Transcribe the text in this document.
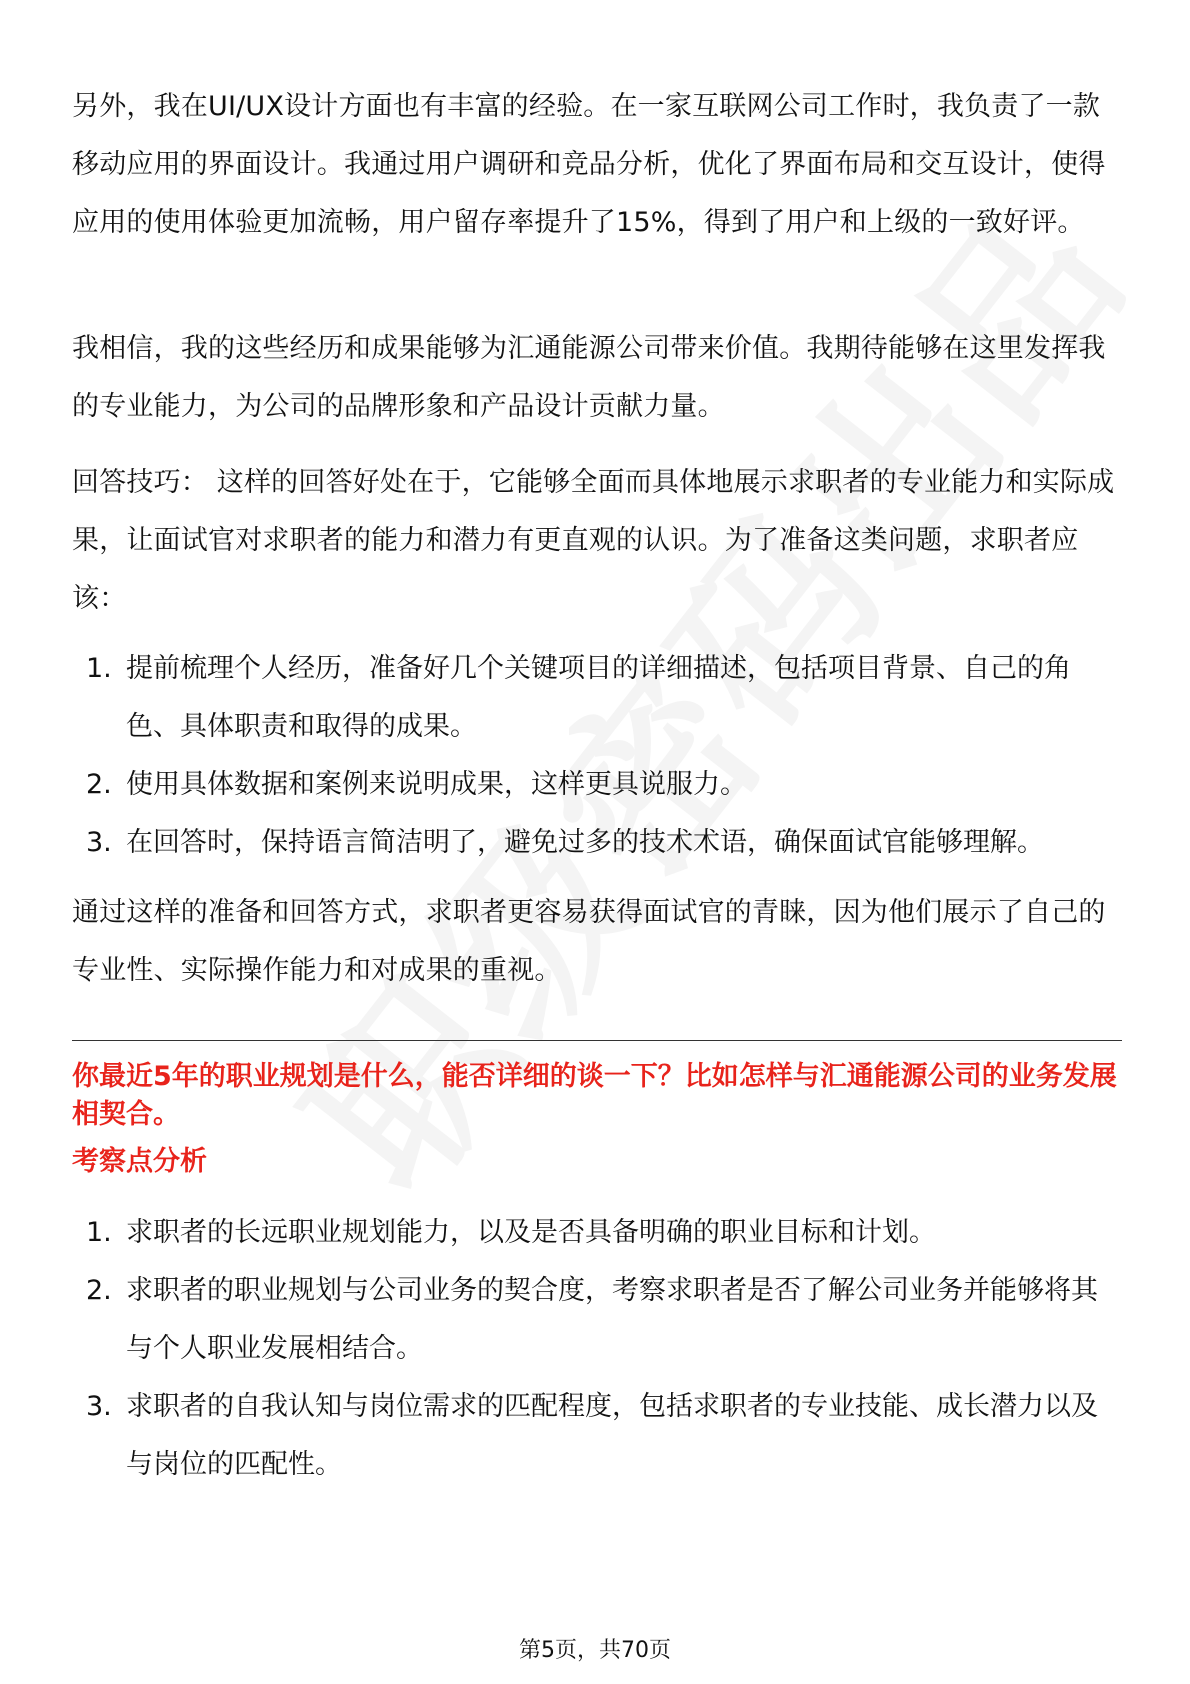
另外，我在UI/UX设计方面也有丰富的经验。在一家互联网公司工作时，我负责了一款移动应用的界面设计。我通过用户调研和竞品分析，优化了界面布局和交互设计，使得应用的使用体验更加流畅，用户留存率提升了15%，得到了用户和上级的一致好评。

我相信，我的这些经历和成果能够为汇通能源公司带来价值。我期待能够在这里发挥我的专业能力，为公司的品牌形象和产品设计贡献力量。

回答技巧： 这样的回答好处在于，它能够全面而具体地展示求职者的专业能力和实际成果，让面试官对求职者的能力和潜力有更直观的认识。为了准备这类问题，求职者应该：

1. 提前梳理个人经历，准备好几个关键项目的详细描述，包括项目背景、自己的角色、具体职责和取得的成果。
2. 使用具体数据和案例来说明成果，这样更具说服力。
3. 在回答时，保持语言简洁明了，避免过多的技术术语，确保面试官能够理解。

通过这样的准备和回答方式，求职者更容易获得面试官的青睐，因为他们展示了自己的专业性、实际操作能力和对成果的重视。

你最近5年的职业规划是什么，能否详细的谈一下？比如怎样与汇通能源公司的业务发展相契合。

考察点分析

1. 求职者的长远职业规划能力，以及是否具备明确的职业目标和计划。
2. 求职者的职业规划与公司业务的契合度，考察求职者是否了解公司业务并能够将其与个人职业发展相结合。
3. 求职者的自我认知与岗位需求的匹配程度，包括求职者的专业技能、成长潜力以及与岗位的匹配性。
第5页，共70页
